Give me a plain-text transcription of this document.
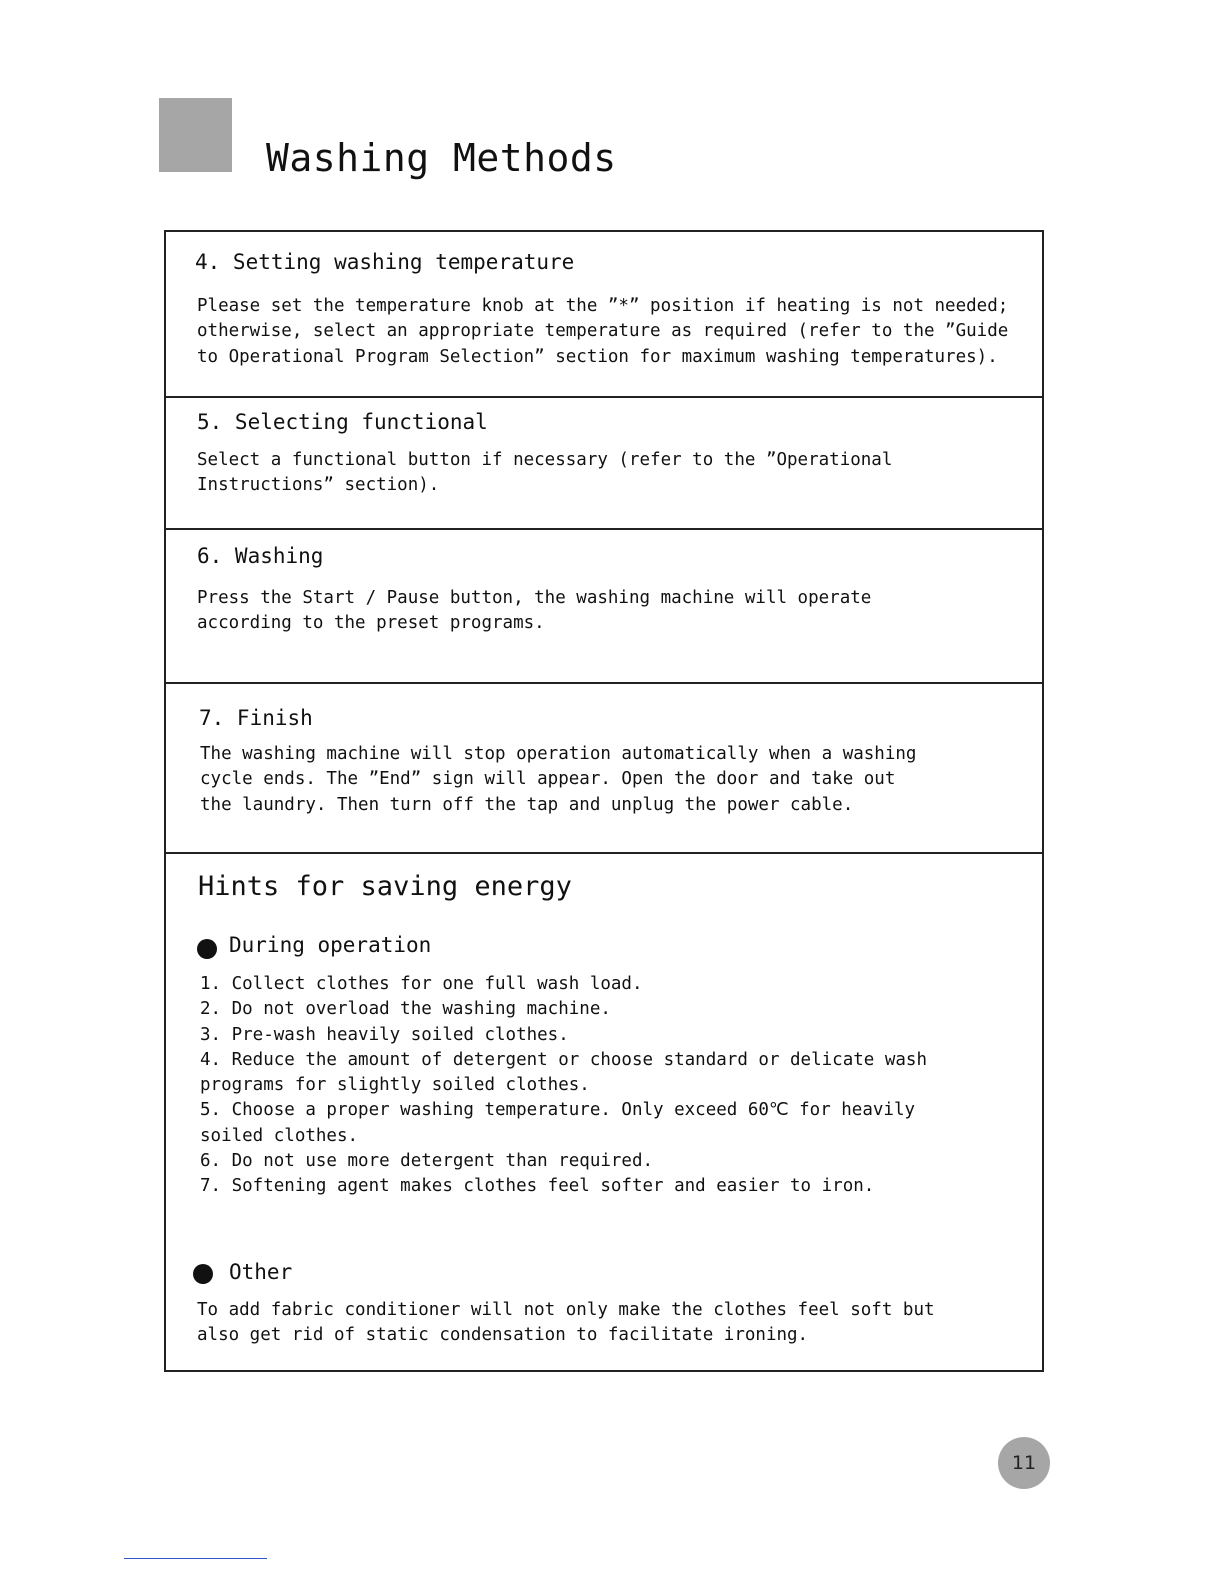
Washing Methods
4. Setting washing temperature

Please set the temperature knob at the ˮ*ˮ position if heating is not needed;
otherwise, select an appropriate temperature as required (refer to the ˮGuide
to Operational Program Selectionˮ section for maximum washing temperatures).

5. Selecting functional

Select a functional button if necessary (refer to the ˮOperational
Instructionsˮ section).

6. Washing

Press the Start / Pause button, the washing machine will operate
according to the preset programs.

7. Finish

The washing machine will stop operation automatically when a washing
cycle ends. The ˮEndˮ sign will appear. Open the door and take out
the laundry. Then turn off the tap and unplug the power cable.

Hints for saving energy
During operation
1. Collect clothes for one full wash load.
2. Do not overload the washing machine.
3. Pre-wash heavily soiled clothes.
4. Reduce the amount of detergent or choose standard or delicate wash
programs for slightly soiled clothes.
5. Choose a proper washing temperature. Only exceed 60℃ for heavily
soiled clothes.
6. Do not use more detergent than required.
7. Softening agent makes clothes feel softer and easier to iron.
Other

To add fabric conditioner will not only make the clothes feel soft but
also get rid of static condensation to facilitate ironing.

11
